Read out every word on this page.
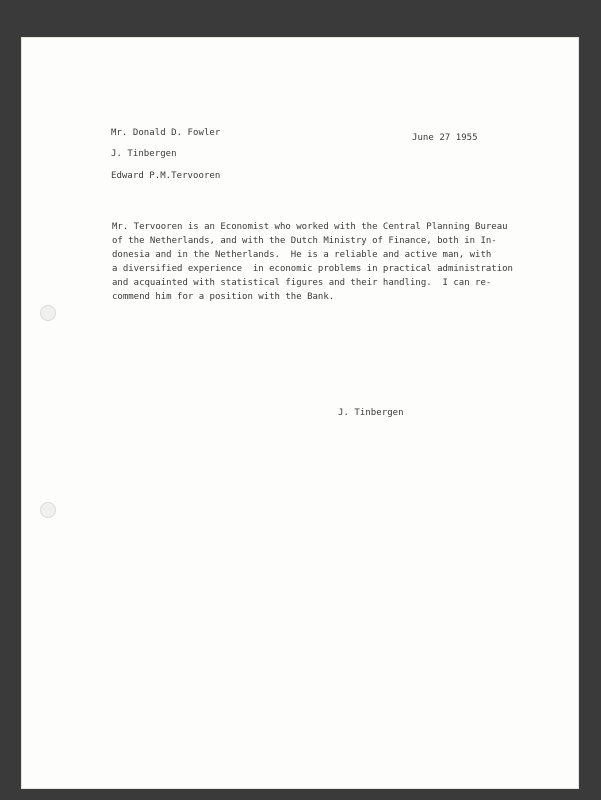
Mr. Donald D. Fowler	June 27 1955
J. Tinbergen
Edward P.M.Tervooren
Mr. Tervooren is an Economist who worked with the Central Planning Bureau
of the Netherlands, and with the Dutch Ministry of Finance, both in In-
donesia and in the Netherlands.  He is a reliable and active man, with
a diversified experience  in economic problems in practical administration
and acquainted with statistical figures and their handling.  I can re-
commend him for a position with the Bank.
J. Tinbergen
